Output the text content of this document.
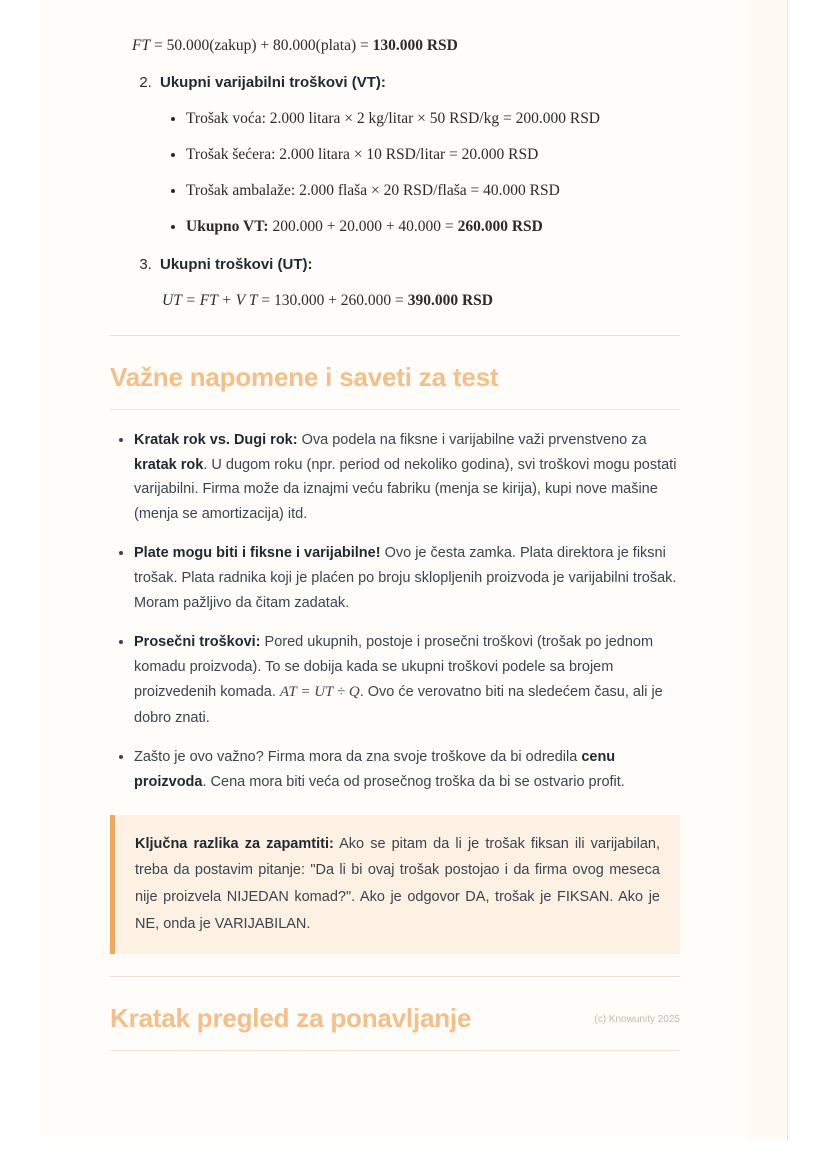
FT = 50.000(zakup) + 80.000(plata) = 130.000 RSD
2. Ukupni varijabilni troškovi (VT):
• Trošak voća: 2.000 litara × 2 kg/litar × 50 RSD/kg = 200.000 RSD
• Trošak šećera: 2.000 litara × 10 RSD/litar = 20.000 RSD
• Trošak ambalaže: 2.000 flaša × 20 RSD/flaša = 40.000 RSD
• Ukupno VT: 200.000 + 20.000 + 40.000 = 260.000 RSD
3. Ukupni troškovi (UT):
UT = FT + V T = 130.000 + 260.000 = 390.000 RSD
Važne napomene i saveti za test
• Kratak rok vs. Dugi rok: Ova podela na fiksne i varijabilne važi prvenstveno za kratak rok. U dugom roku (npr. period od nekoliko godina), svi troškovi mogu postati varijabilni. Firma može da iznajmi veću fabriku (menja se kirija), kupi nove mašine (menja se amortizacija) itd.
• Plate mogu biti i fiksne i varijabilne! Ovo je česta zamka. Plata direktora je fiksni trošak. Plata radnika koji je plaćen po broju sklopljenih proizvoda je varijabilni trošak. Moram pažljivo da čitam zadatak.
• Prosečni troškovi: Pored ukupnih, postoje i prosečni troškovi (trošak po jednom komadu proizvoda). To se dobija kada se ukupni troškovi podele sa brojem proizvedenih komada. AT = UT ÷ Q. Ovo će verovatno biti na sledećem času, ali je dobro znati.
• Zašto je ovo važno? Firma mora da zna svoje troškove da bi odredila cenu proizvoda. Cena mora biti veća od prosečnog troška da bi se ostvario profit.

Ključna razlika za zapamtiti: Ako se pitam da li je trošak fiksan ili varijabilan, treba da postavim pitanje: "Da li bi ovaj trošak postojao i da firma ovog meseca nije proizvela NIJEDAN komad?". Ako je odgovor DA, trošak je FIKSAN. Ako je NE, onda je VARIJABILAN.

Kratak pregled za ponavljanje	(c) Knowunity 2025
